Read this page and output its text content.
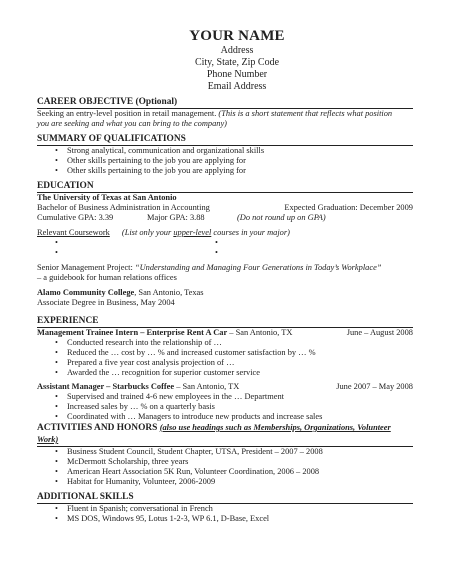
YOUR NAME
Address
City, State, Zip Code
Phone Number
Email Address
CAREER OBJECTIVE (Optional)
Seeking an entry-level position in retail management. (This is a short statement that reflects what position
you are seeking and what you can bring to the company)
SUMMARY OF QUALIFICATIONS
• Strong analytical, communication and organizational skills
• Other skills pertaining to the job you are applying for
• Other skills pertaining to the job you are applying for
EDUCATION
The University of Texas at San Antonio
Bachelor of Business Administration in Accounting	Expected Graduation: December 2009
Cumulative GPA: 3.39	Major GPA: 3.88	(Do not round up on GPA)
Relevant Coursework (List only your upper-level courses in your major)
•	•
•	•
Senior Management Project: “Understanding and Managing Four Generations in Today’s Workplace”
– a guidebook for human relations offices
Alamo Community College, San Antonio, Texas
Associate Degree in Business, May 2004
EXPERIENCE
Management Trainee Intern – Enterprise Rent A Car – San Antonio, TX	June – August 2008
• Conducted research into the relationship of …
• Reduced the … cost by … % and increased customer satisfaction by … %
• Prepared a five year cost analysis projection of …
• Awarded the … recognition for superior customer service
Assistant Manager – Starbucks Coffee – San Antonio, TX	June 2007 – May 2008
• Supervised and trained 4-6 new employees in the … Department
• Increased sales by … % on a quarterly basis
• Coordinated with … Managers to introduce new products and increase sales
ACTIVITIES AND HONORS (also use headings such as Memberships, Organizations, Volunteer Work)
• Business Student Council, Student Chapter, UTSA, President – 2007 – 2008
• McDermott Scholarship, three years
• American Heart Association 5K Run, Volunteer Coordination, 2006 – 2008
• Habitat for Humanity, Volunteer, 2006-2009
ADDITIONAL SKILLS
• Fluent in Spanish; conversational in French
• MS DOS, Windows 95, Lotus 1-2-3, WP 6.1, D-Base, Excel
